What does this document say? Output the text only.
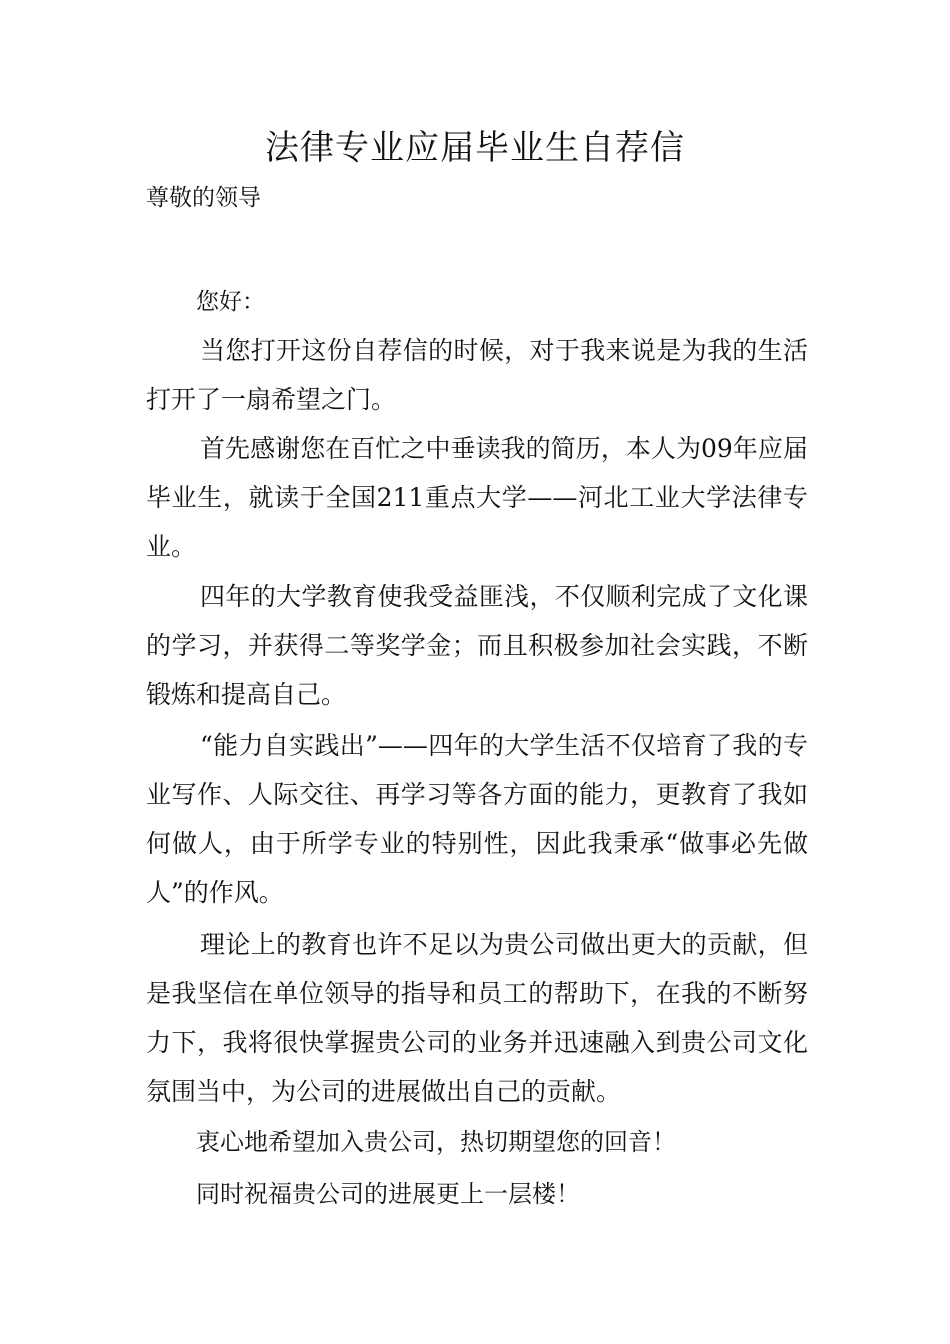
法律专业应届毕业生自荐信
尊敬的领导
您好：
当您打开这份自荐信的时候，对于我来说是为我的生活打开了一扇希望之门。
首先感谢您在百忙之中垂读我的简历，本人为09年应届毕业生，就读于全国211重点大学——河北工业大学法律专业。
四年的大学教育使我受益匪浅，不仅顺利完成了文化课的学习，并获得二等奖学金；而且积极参加社会实践，不断锻炼和提高自己。
“能力自实践出”——四年的大学生活不仅培育了我的专业写作、人际交往、再学习等各方面的能力，更教育了我如何做人，由于所学专业的特别性，因此我秉承“做事必先做人”的作风。
理论上的教育也许不足以为贵公司做出更大的贡献，但是我坚信在单位领导的指导和员工的帮助下，在我的不断努力下，我将很快掌握贵公司的业务并迅速融入到贵公司文化氛围当中，为公司的进展做出自己的贡献。
衷心地希望加入贵公司，热切期望您的回音！
同时祝福贵公司的进展更上一层楼！
